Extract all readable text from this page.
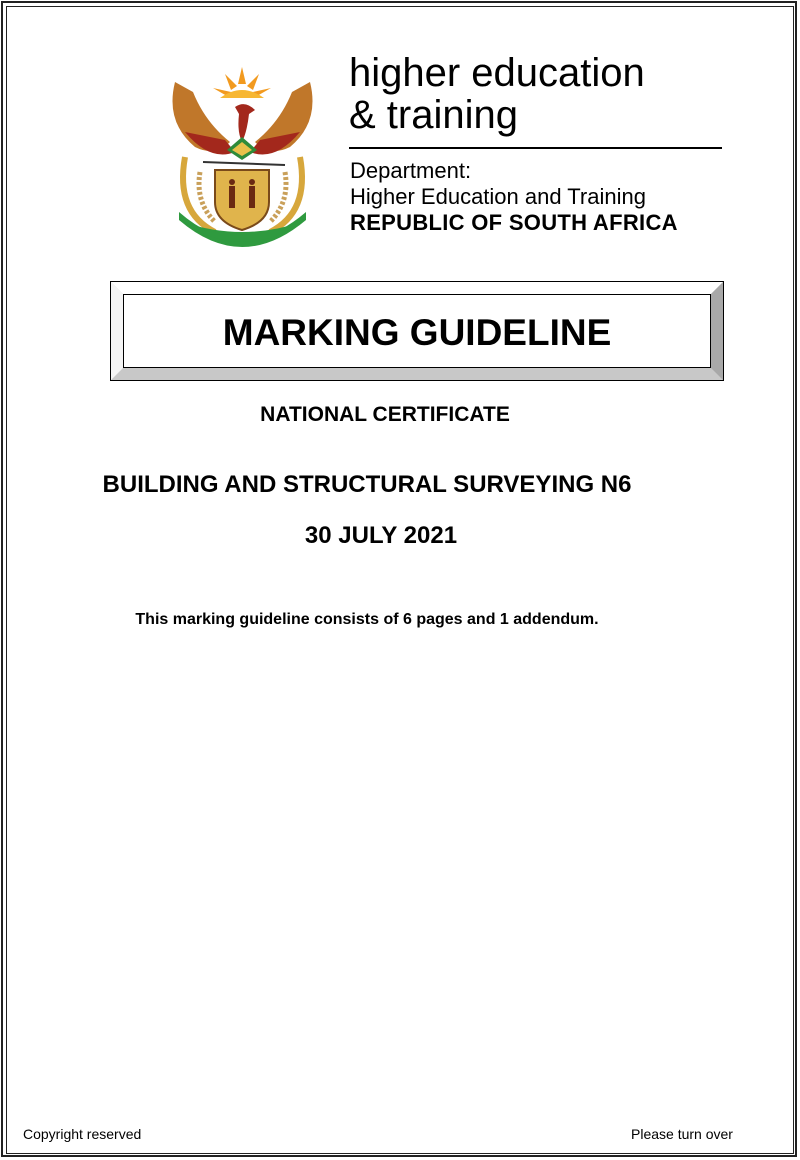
higher education
& training
Department:
Higher Education and Training
REPUBLIC OF SOUTH AFRICA
MARKING GUIDELINE
NATIONAL CERTIFICATE
BUILDING AND STRUCTURAL SURVEYING N6
30 JULY 2021
This marking guideline consists of 6 pages and 1 addendum.
Copyright reserved	Please turn over
